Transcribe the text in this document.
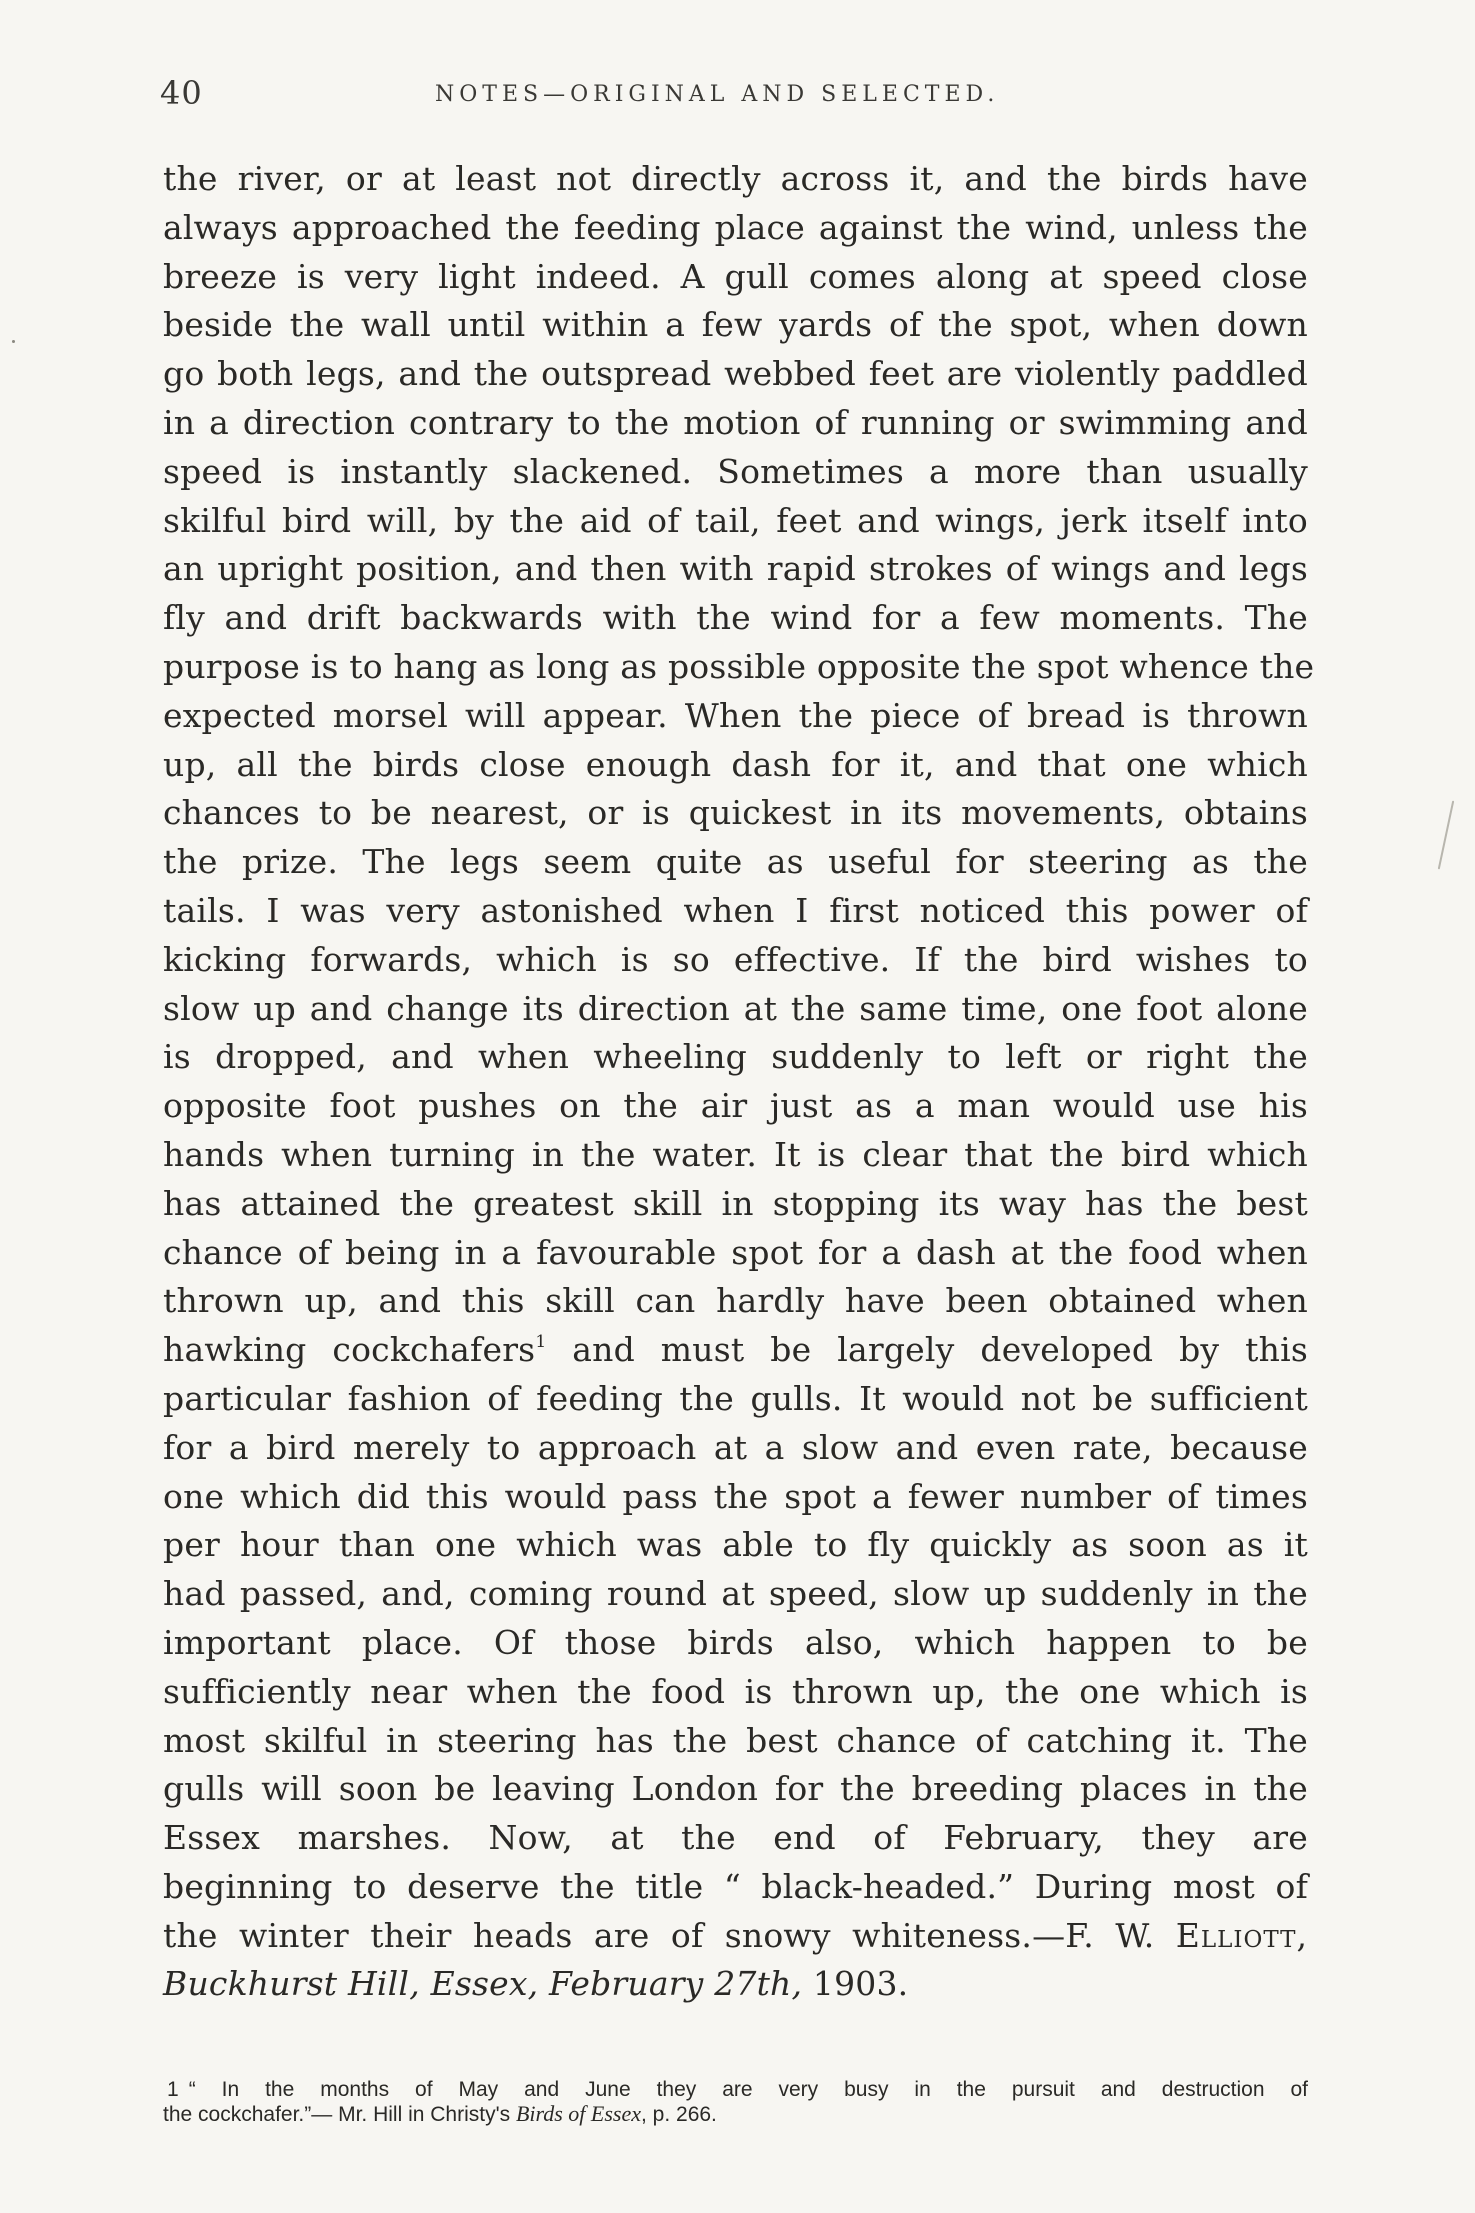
40	NOTES—ORIGINAL AND SELECTED.
the river, or at least not directly across it, and the birds have
always approached the feeding place against the wind, unless the
breeze is very light indeed. A gull comes along at speed close
beside the wall until within a few yards of the spot, when down
go both legs, and the outspread webbed feet are violently paddled
in a direction contrary to the motion of running or swimming and
speed is instantly slackened. Sometimes a more than usually
skilful bird will, by the aid of tail, feet and wings, jerk itself into
an upright position, and then with rapid strokes of wings and legs
fly and drift backwards with the wind for a few moments. The
purpose is to hang as long as possible opposite the spot whence the
expected morsel will appear. When the piece of bread is thrown
up, all the birds close enough dash for it, and that one which
chances to be nearest, or is quickest in its movements, obtains
the prize. The legs seem quite as useful for steering as the
tails. I was very astonished when I first noticed this power of
kicking forwards, which is so effective. If the bird wishes to
slow up and change its direction at the same time, one foot alone
is dropped, and when wheeling suddenly to left or right the
opposite foot pushes on the air just as a man would use his
hands when turning in the water. It is clear that the bird which
has attained the greatest skill in stopping its way has the best
chance of being in a favourable spot for a dash at the food when
thrown up, and this skill can hardly have been obtained when
hawking cockchafers$^1$ and must be largely developed by this
particular fashion of feeding the gulls. It would not be sufficient
for a bird merely to approach at a slow and even rate, because
one which did this would pass the spot a fewer number of times
per hour than one which was able to fly quickly as soon as it
had passed, and, coming round at speed, slow up suddenly in the
important place. Of those birds also, which happen to be
sufficiently near when the food is thrown up, the one which is
most skilful in steering has the best chance of catching it. The
gulls will soon be leaving London for the breeding places in the
Essex marshes. Now, at the end of February, they are
beginning to deserve the title “ black-headed.” During most of
the winter their heads are of snowy whiteness.—F. W. Elliott,
Buckhurst Hill, Essex, February 27th, 1903.
1 “ In the months of May and June they are very busy in the pursuit and destruction of
the cockchafer.”— Mr. Hill in Christy's Birds of Essex, p. 266.
